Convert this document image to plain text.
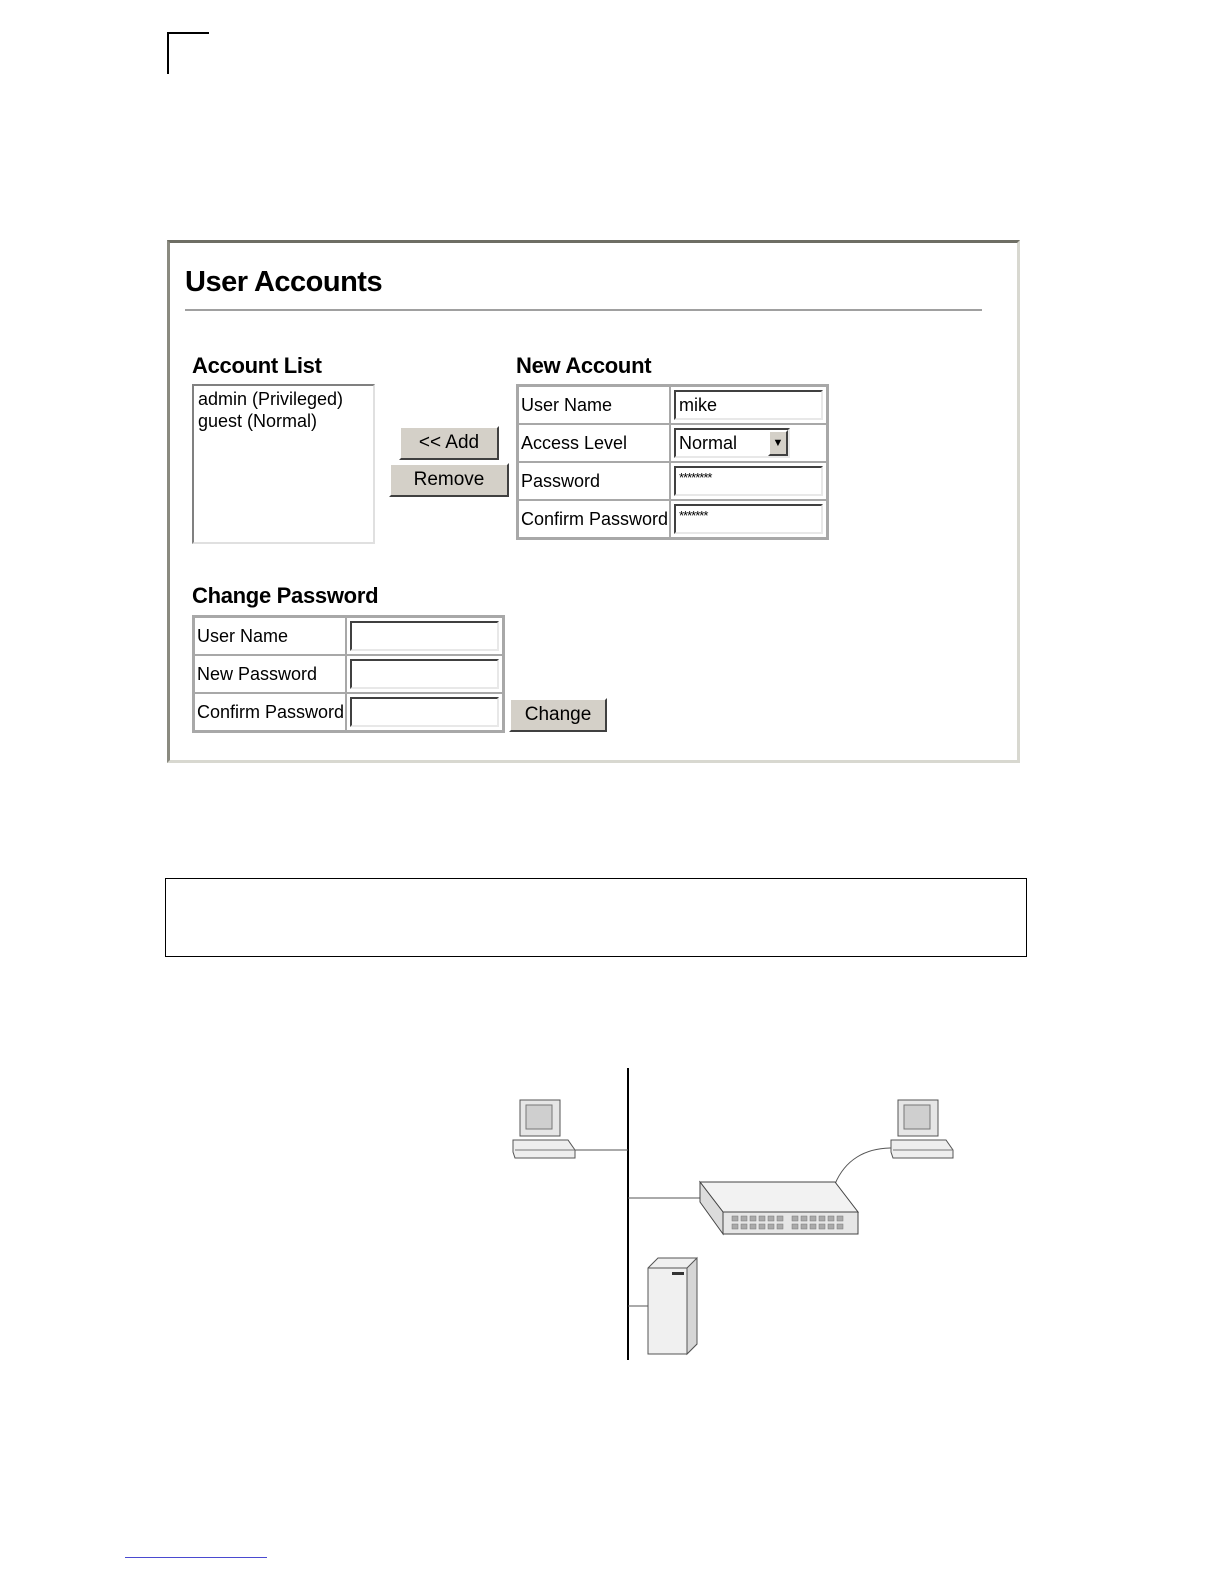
User Accounts
Account List
admin (Privileged)
guest (Normal)
<< Add
Remove
New Account
User Name	mike

Access Level	Normal ▼

Password	********

Confirm Password	*******
Change Password
User Name	

New Password	

Confirm Password		Change
